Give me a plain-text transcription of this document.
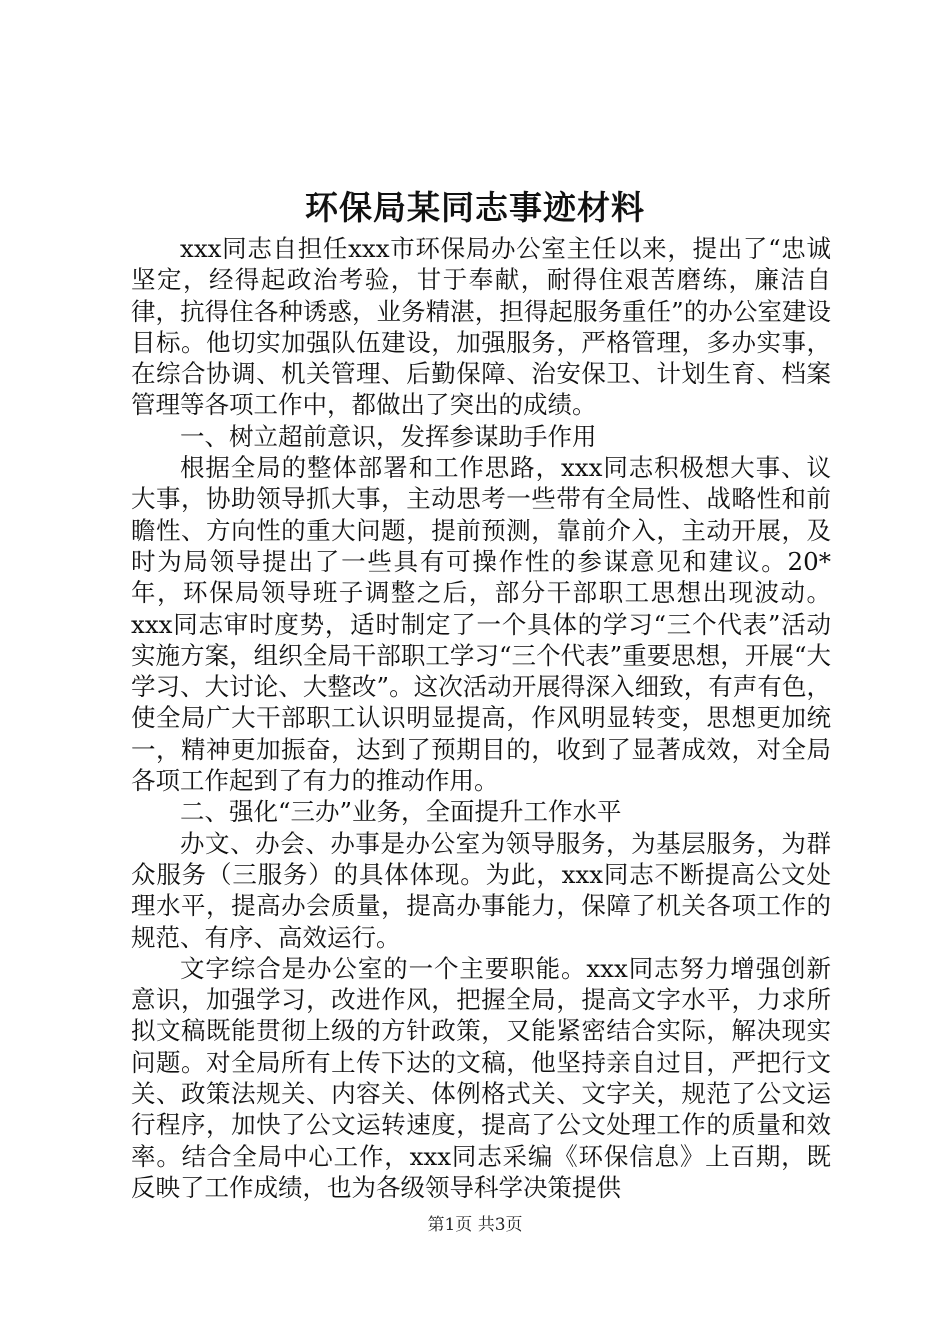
环保局某同志事迹材料

xxx同志自担任xxx市环保局办公室主任以来，提出了“忠诚坚定，经得起政治考验，甘于奉献，耐得住艰苦磨练，廉洁自律，抗得住各种诱惑，业务精湛，担得起服务重任”的办公室建设目标。他切实加强队伍建设，加强服务，严格管理，多办实事，在综合协调、机关管理、后勤保障、治安保卫、计划生育、档案管理等各项工作中，都做出了突出的成绩。

一、树立超前意识，发挥参谋助手作用

根据全局的整体部署和工作思路，xxx同志积极想大事、议大事，协助领导抓大事，主动思考一些带有全局性、战略性和前瞻性、方向性的重大问题，提前预测，靠前介入，主动开展，及时为局领导提出了一些具有可操作性的参谋意见和建议。20*年，环保局领导班子调整之后，部分干部职工思想出现波动。xxx同志审时度势，适时制定了一个具体的学习“三个代表”活动实施方案，组织全局干部职工学习“三个代表”重要思想，开展“大学习、大讨论、大整改”。这次活动开展得深入细致，有声有色，使全局广大干部职工认识明显提高，作风明显转变，思想更加统一，精神更加振奋，达到了预期目的，收到了显著成效，对全局各项工作起到了有力的推动作用。

二、强化“三办”业务，全面提升工作水平

办文、办会、办事是办公室为领导服务，为基层服务，为群众服务（三服务）的具体体现。为此，xxx同志不断提高公文处理水平，提高办会质量，提高办事能力，保障了机关各项工作的规范、有序、高效运行。

文字综合是办公室的一个主要职能。xxx同志努力增强创新意识，加强学习，改进作风，把握全局，提高文字水平，力求所拟文稿既能贯彻上级的方针政策，又能紧密结合实际，解决现实问题。对全局所有上传下达的文稿，他坚持亲自过目，严把行文关、政策法规关、内容关、体例格式关、文字关，规范了公文运行程序，加快了公文运转速度，提高了公文处理工作的质量和效率。结合全局中心工作，xxx同志采编《环保信息》上百期，既反映了工作成绩，也为各级领导科学决策提供

第1页 共3页
